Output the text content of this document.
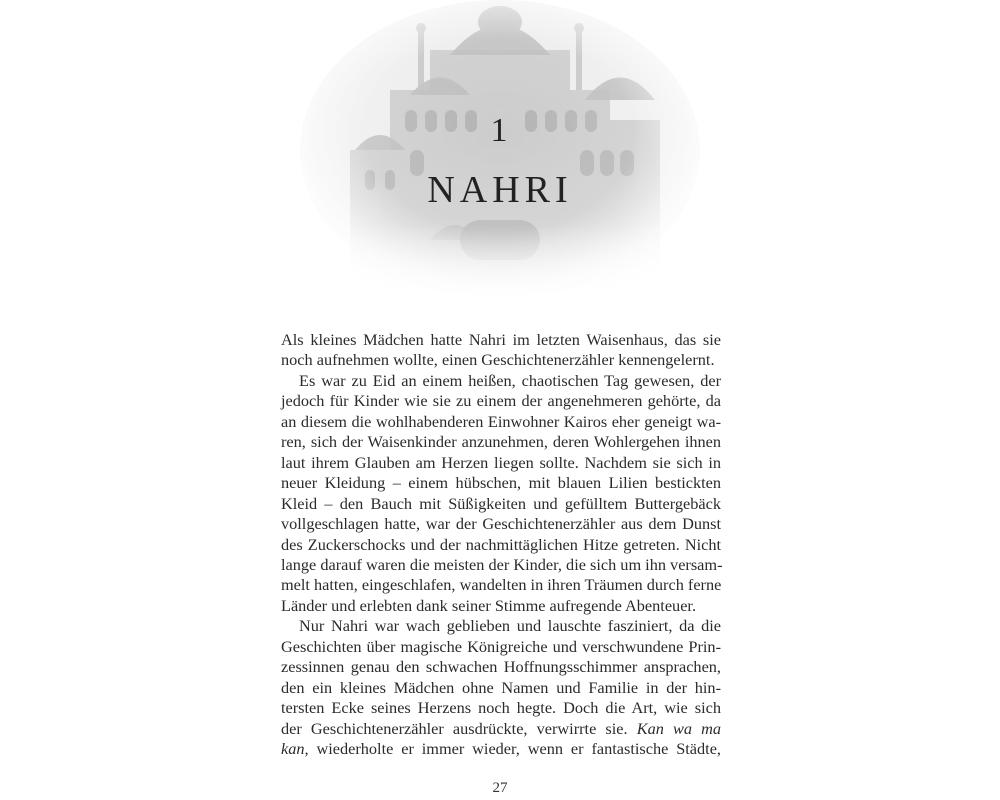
1
NAHRI

Als kleines Mädchen hatte Nahri im letzten Waisenhaus, das sie
noch aufnehmen wollte, einen Geschichtenerzähler kennengelernt.

Es war zu Eid an einem heißen, chaotischen Tag gewesen, der
jedoch für Kinder wie sie zu einem der angenehmeren gehörte, da
an diesem die wohlhabenderen Einwohner Kairos eher geneigt wa-
ren, sich der Waisenkinder anzunehmen, deren Wohlergehen ihnen
laut ihrem Glauben am Herzen liegen sollte. Nachdem sie sich in
neuer Kleidung – einem hübschen, mit blauen Lilien bestickten
Kleid – den Bauch mit Süßigkeiten und gefülltem Buttergebäck
vollgeschlagen hatte, war der Geschichtenerzähler aus dem Dunst
des Zuckerschocks und der nachmittäglichen Hitze getreten. Nicht
lange darauf waren die meisten der Kinder, die sich um ihn versam-
melt hatten, eingeschlafen, wandelten in ihren Träumen durch ferne
Länder und erlebten dank seiner Stimme aufregende Abenteuer.

Nur Nahri war wach geblieben und lauschte fasziniert, da die
Geschichten über magische Königreiche und verschwundene Prin-
zessinnen genau den schwachen Hoffnungsschimmer ansprachen,
den ein kleines Mädchen ohne Namen und Familie in der hin-
tersten Ecke seines Herzens noch hegte. Doch die Art, wie sich
der Geschichtenerzähler ausdrückte, verwirrte sie. Kan wa ma
kan, wiederholte er immer wieder, wenn er fantastische Städte,

27
